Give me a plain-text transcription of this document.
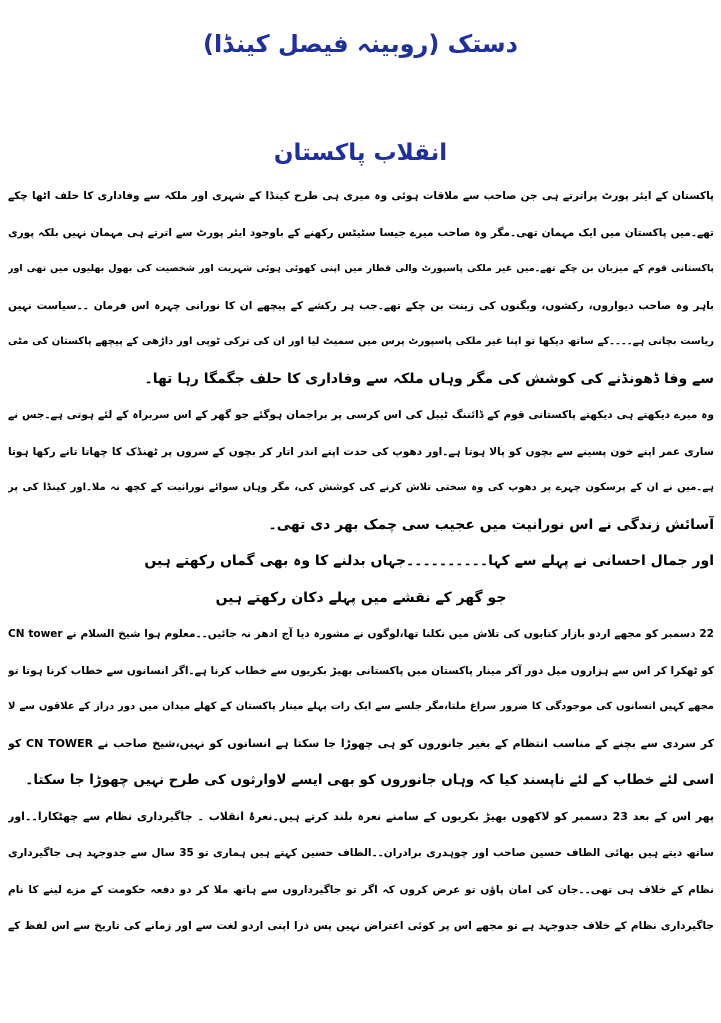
دستک (روبینہ فیصل کینڈا)
انقلاب پاکستان
پاکستان کے ایئر پورٹ پراترتے ہی جن صاحب سے ملاقات ہوئی وہ میری ہی طرح کینڈا کے شہری اور ملکہ سے وفاداری کا حلف اٹھا چکے
تھے۔میں پاکستان میں ایک مہمان تھی۔مگر وہ صاحب میرے جیسا سٹیٹس رکھنے کے باوجود ایئر پورٹ سے اترتے ہی مہمان نہیں بلکہ پوری
پاکستانی قوم کے میزبان بن چکے تھے۔میں غیر ملکی پاسپورٹ والی قطار میں اپنی کھوئی ہوئی شہریت اور شخصیت کی بھول بھلیوں میں تھی اور
باہر وہ صاحب دیواروں، رکشوں، ویگنوں کی زینت بن چکے تھے۔جب ہر رکشے کے پیچھے ان کا نورانی چہرہ اس فرمان ۔۔سیاست نہیں
ریاست بچانی ہے۔۔۔۔کے ساتھ دیکھا تو اپنا غیر ملکی پاسپورٹ پرس میں سمیٹ لیا اور ان کی ترکی ٹوپی اور داڑھی کے پیچھے پاکستان کی مٹی
سے وفا ڈھونڈنے کی کوشش کی مگر وہاں ملکہ سے وفاداری کا حلف جگمگا رہا تھا۔
وہ میرے دیکھتے ہی دیکھتے پاکستانی قوم کے ڈائننگ ٹیبل کی اس کرسی پر براجمان ہوگئے جو گھر کے اس سربراہ کے لئے ہوتی ہے۔جس نے
ساری عمر اپنے خون پسینے سے بچوں کو پالا ہوتا ہے۔اور دھوپ کی حدت اپنے اندر اتار کر بچوں کے سروں پر ٹھنڈک کا چھاتا تانے رکھا ہوتا
ہے۔میں نے ان کے پرسکون چہرے پر دھوپ کی وہ سختی تلاش کرنے کی کوشش کی، مگر وہاں سوائے نورانیت کے کچھ نہ ملا۔اور کینڈا کی پر
آسائش زندگی نے اس نورانیت میں عجیب سی چمک بھر دی تھی۔
اور جمال احسانی نے پہلے سے کہا۔۔۔۔۔۔۔۔۔۔جہاں بدلنے کا وہ بھی گماں رکھتے ہیں
جو گھر کے نقشے میں پہلے دکان رکھتے ہیں
22 دسمبر کو مجھے اردو بازار کتابوں کی تلاش میں نکلنا تھا،لوگوں نے مشورہ دیا آج ادھر نہ جائیں۔۔معلوم ہوا شیخ السلام نے CN tower
کو ٹھکرا کر اس سے ہزاروں میل دور آکر مینار پاکستان میں پاکستانی بھیڑ بکریوں سے خطاب کرنا ہے۔اگر انسانوں سے خطاب کرنا ہوتا تو
مجھے کہیں انسانوں کی موجودگی کا ضرور سراغ ملتا،مگر جلسے سے ایک رات پہلے مینار پاکستان کے کھلے میدان میں دور دراز کے علاقوں سے لا
کر سردی سے بچنے کے مناسب انتظام کے بغیر جانوروں کو ہی چھوڑا جا سکتا ہے انسانوں کو نہیں،شیخ صاحب نے CN TOWER کو
اسی لئے خطاب کے لئے ناپسند کیا کہ وہاں جانوروں کو بھی ایسے لاوارثوں کی طرح نہیں چھوڑا جا سکتا۔
پھر اس کے بعد 23 دسمبر کو لاکھوں بھیڑ بکریوں کے سامنے نعرہ بلند کرتے ہیں۔نعرۂ انقلاب ۔ جاگیرداری نظام سے چھٹکارا۔۔اور
ساتھ دیتے ہیں بھائی الطاف حسین صاحب اور چوہدری برادران۔۔الطاف حسین کہتے ہیں ہماری تو 35 سال سے جدوجہد ہی جاگیرداری
نظام کے خلاف ہی تھی۔۔جان کی امان پاؤں تو عرض کروں کہ اگر تو جاگیرداروں سے ہاتھ ملا کر دو دفعہ حکومت کے مزے لینے کا نام
جاگیرداری نظام کے خلاف جدوجہد ہے تو مجھے اس پر کوئی اعتراض نہیں پس ذرا اپنی اردو لغت سے اور زمانے کی تاریخ سے اس لفظ کے
